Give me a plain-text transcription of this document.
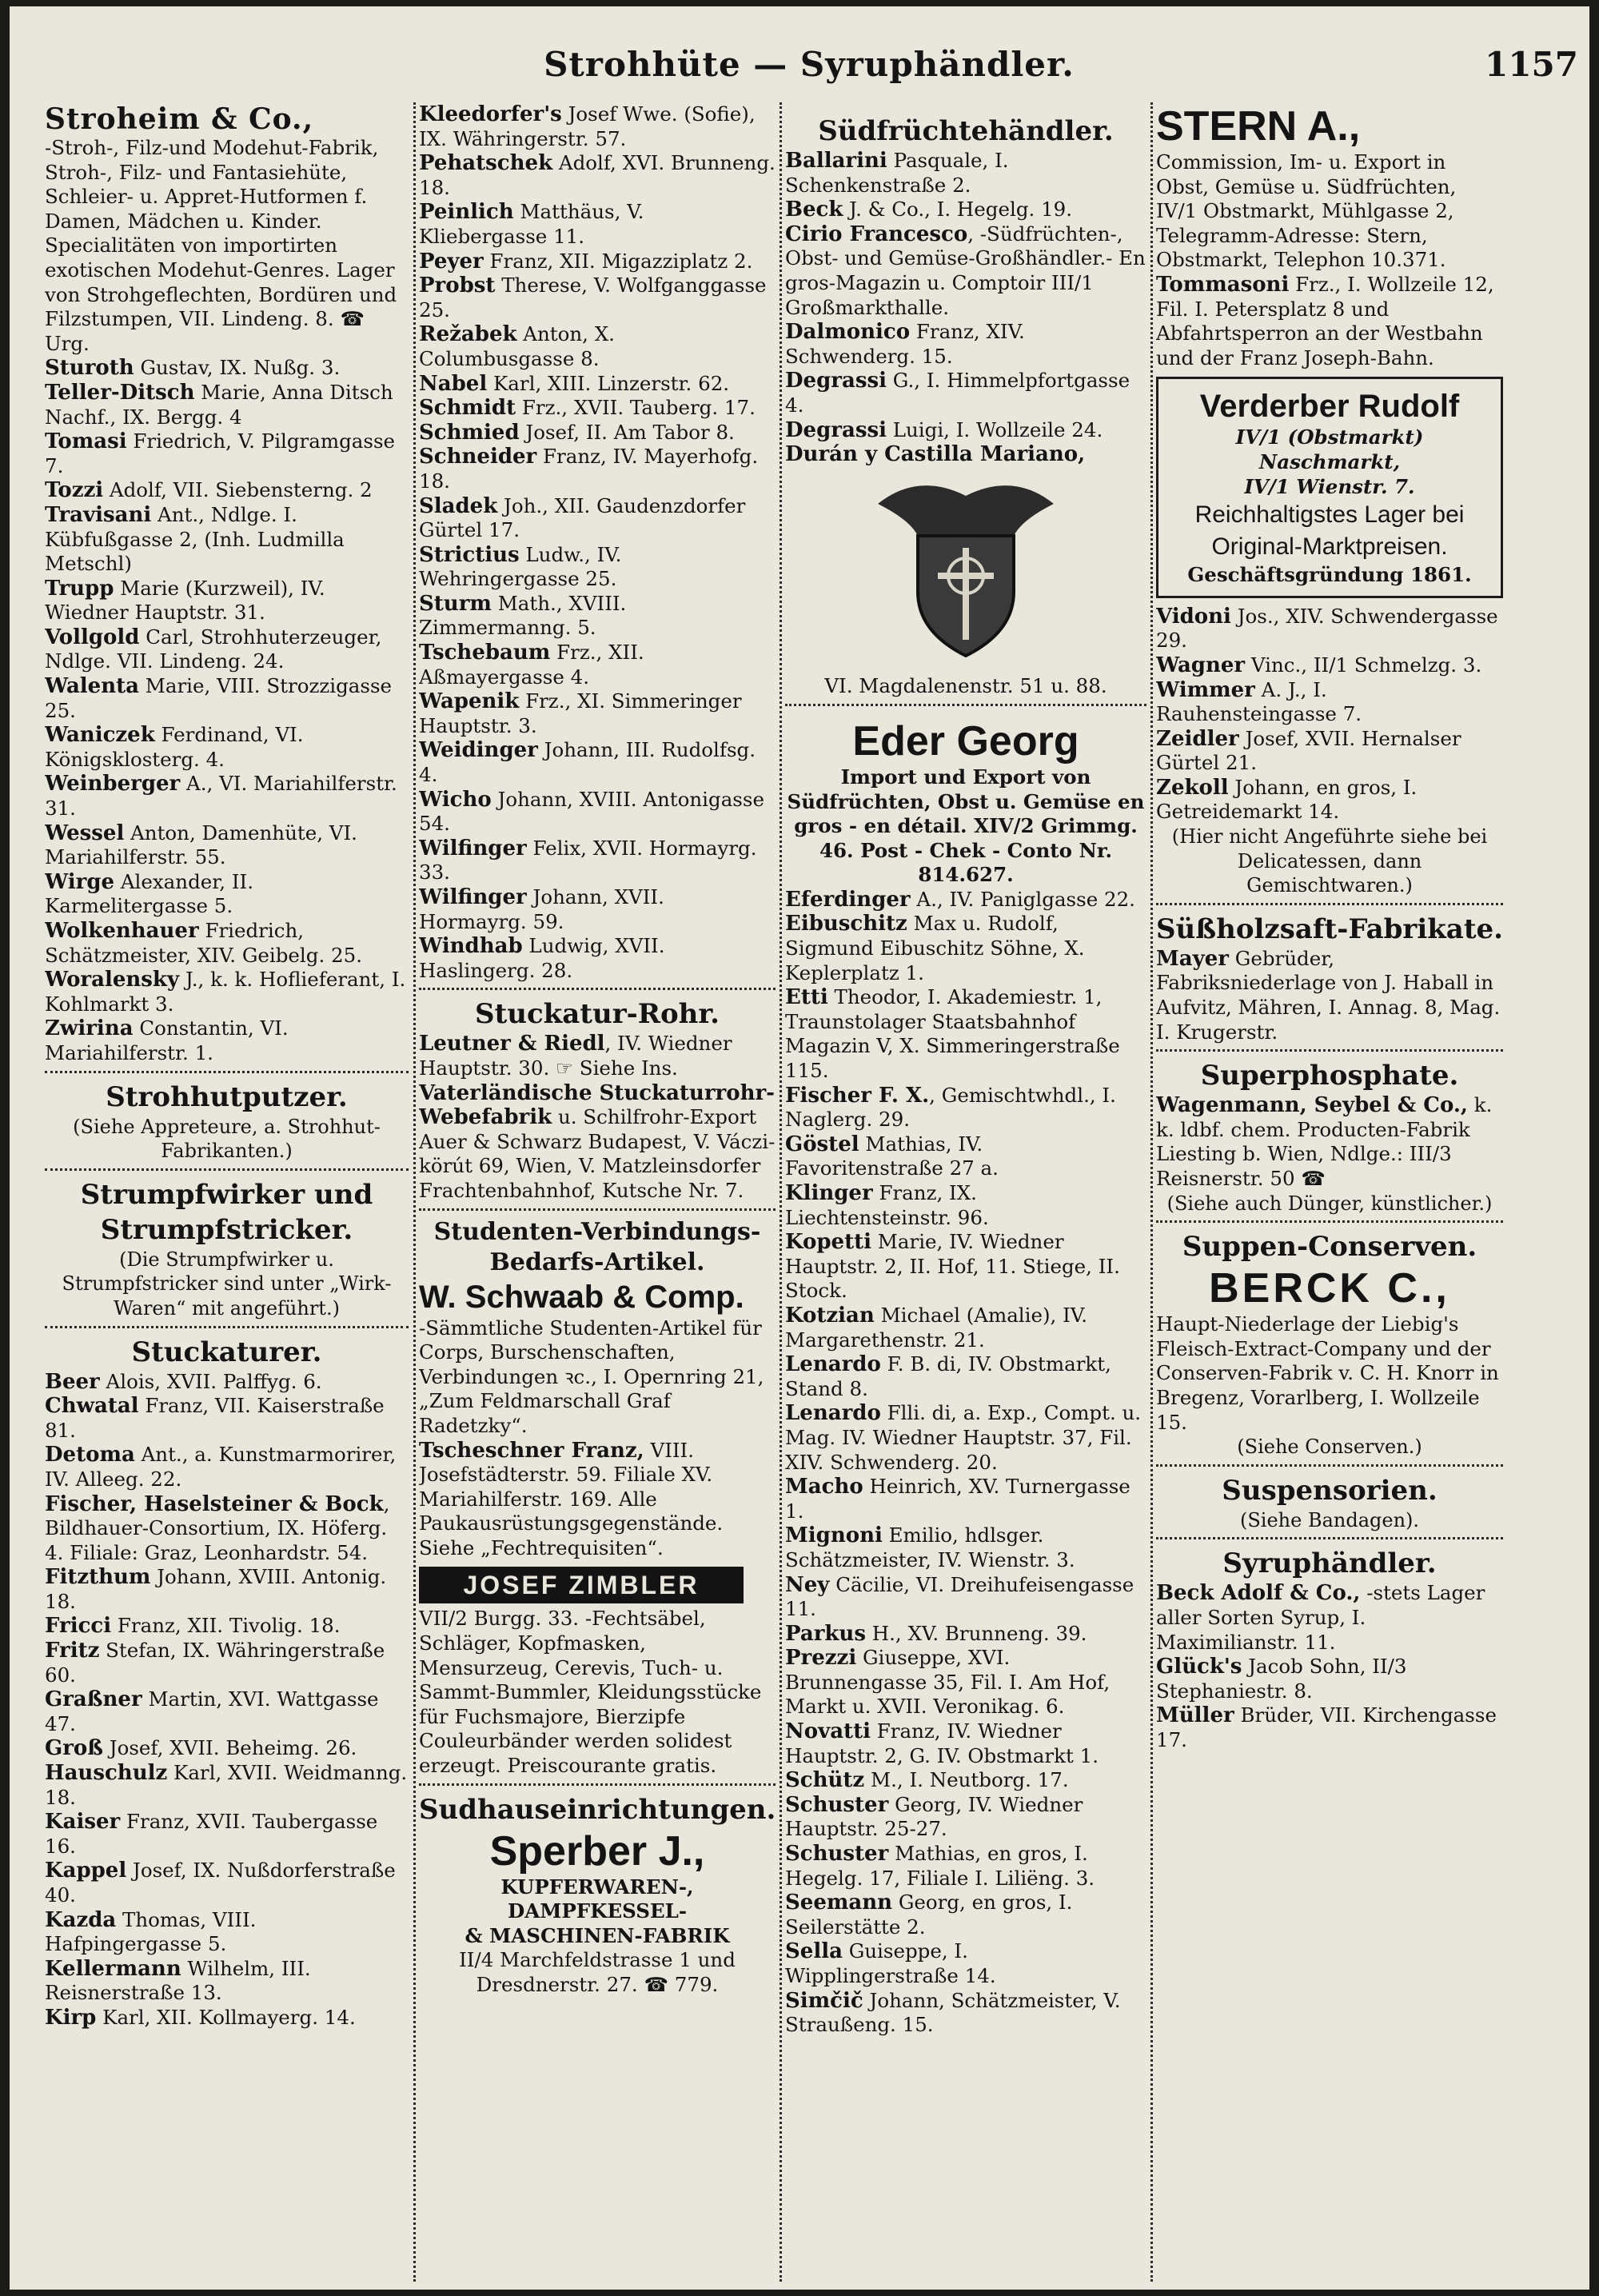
Strohhüte — Syruphändler.	1157
Stroheim & Co.,
-Stroh-, Filz-und Modehut-Fabrik, Stroh-, Filz- und Fantasiehüte, Schleier- u. Appret-Hutformen f. Damen, Mädchen u. Kinder. Specialitäten von importirten exotischen Modehut-Genres. Lager von Strohgeflechten, Bordüren und Filzstumpen, VII. Lindeng. 8. ☎ Urg.
Sturoth Gustav, IX. Nußg. 3.
Teller-Ditsch Marie, Anna Ditsch Nachf., IX. Bergg. 4
Tomasi Friedrich, V. Pilgramgasse 7.
Tozzi Adolf, VII. Siebensterng. 2
Travisani Ant., Ndlge. I. Kübfußgasse 2, (Inh. Ludmilla Metschl)
Trupp Marie (Kurzweil), IV. Wiedner Hauptstr. 31.
Vollgold Carl, Strohhuterzeuger, Ndlge. VII. Lindeng. 24.
Walenta Marie, VIII. Strozzigasse 25.
Waniczek Ferdinand, VI. Königsklosterg. 4.
Weinberger A., VI. Mariahilferstr. 31.
Wessel Anton, Damenhüte, VI. Mariahilferstr. 55.
Wirge Alexander, II. Karmelitergasse 5.
Wolkenhauer Friedrich, Schätzmeister, XIV. Geibelg. 25.
Woralensky J., k. k. Hoflieferant, I. Kohlmarkt 3.
Zwirina Constantin, VI. Mariahilferstr. 1.
Strohhutputzer.
(Siehe Appreteure, a. Strohhut-Fabrikanten.)
Strumpfwirker und Strumpfstricker.
(Die Strumpfwirker u. Strumpfstricker sind unter „Wirk-Waren“ mit angeführt.)
Stuckaturer.
Beer Alois, XVII. Palffyg. 6.
Chwatal Franz, VII. Kaiserstraße 81.
Detoma Ant., a. Kunstmarmorirer, IV. Alleeg. 22.
Fischer, Haselsteiner & Bock, Bildhauer-Consortium, IX. Höferg. 4. Filiale: Graz, Leonhardstr. 54.
Fitzthum Johann, XVIII. Antonig. 18.
Fricci Franz, XII. Tivolig. 18.
Fritz Stefan, IX. Währingerstraße 60.
Graßner Martin, XVI. Wattgasse 47.
Groß Josef, XVII. Beheimg. 26.
Hauschulz Karl, XVII. Weidmanng. 18.
Kaiser Franz, XVII. Taubergasse 16.
Kappel Josef, IX. Nußdorferstraße 40.
Kazda Thomas, VIII. Hafpingergasse 5.
Kellermann Wilhelm, III. Reisnerstraße 13.
Kirp Karl, XII. Kollmayerg. 14.
Kleedorfer's Josef Wwe. (Sofie), IX. Währingerstr. 57.
Pehatschek Adolf, XVI. Brunneng. 18.
Peinlich Matthäus, V. Kliebergasse 11.
Peyer Franz, XII. Migazziplatz 2.
Probst Therese, V. Wolfganggasse 25.
Režabek Anton, X. Columbusgasse 8.
Nabel Karl, XIII. Linzerstr. 62.
Schmidt Frz., XVII. Tauberg. 17.
Schmied Josef, II. Am Tabor 8.
Schneider Franz, IV. Mayerhofg. 18.
Sladek Joh., XII. Gaudenzdorfer Gürtel 17.
Strictius Ludw., IV. Wehringergasse 25.
Sturm Math., XVIII. Zimmermanng. 5.
Tschebaum Frz., XII. Aßmayergasse 4.
Wapenik Frz., XI. Simmeringer Hauptstr. 3.
Weidinger Johann, III. Rudolfsg. 4.
Wicho Johann, XVIII. Antonigasse 54.
Wilfinger Felix, XVII. Hormayrg. 33.
Wilfinger Johann, XVII. Hormayrg. 59.
Windhab Ludwig, XVII. Haslingerg. 28.
Stuckatur-Rohr.
Leutner & Riedl, IV. Wiedner Hauptstr. 30. ☞ Siehe Ins.
Vaterländische Stuckaturrohr-Webefabrik u. Schilfrohr-Export Auer & Schwarz Budapest, V. Váczi-körút 69, Wien, V. Matzleinsdorfer Frachtenbahnhof, Kutsche Nr. 7.
Studenten-Verbindungs-Bedarfs-Artikel.
W. Schwaab & Comp.
-Sämmtliche Studenten-Artikel für Corps, Burschenschaften, Verbindungen ꝛc., I. Opernring 21, „Zum Feldmarschall Graf Radetzky“.
Tscheschner Franz, VIII. Josefstädterstr. 59. Filiale XV. Mariahilferstr. 169. Alle Paukausrüstungsgegenstände. Siehe „Fechtrequisiten“.
JOSEF ZIMBLER
VII/2 Burgg. 33. -Fechtsäbel, Schläger, Kopfmasken, Mensurzeug, Cerevis, Tuch- u. Sammt-Bummler, Kleidungsstücke für Fuchsmajore, Bierzipfe Couleurbänder werden solidest erzeugt. Preiscourante gratis.
Sudhauseinrichtungen.
Sperber J.,
KUPFERWAREN-, DAMPFKESSEL-
& MASCHINEN-FABRIK
II/4 Marchfeldstrasse 1 und Dresdnerstr. 27. ☎ 779.
Südfrüchtehändler.
Ballarini Pasquale, I. Schenkenstraße 2.
Beck J. & Co., I. Hegelg. 19.
Cirio Francesco, -Südfrüchten-, Obst- und Gemüse-Großhändler.- En gros-Magazin u. Comptoir III/1 Großmarkthalle.
Dalmonico Franz, XIV. Schwenderg. 15.
Degrassi G., I. Himmelpfortgasse 4.
Degrassi Luigi, I. Wollzeile 24.
Durán y Castilla Mariano,
VI. Magdalenenstr. 51 u. 88.
Eder Georg
Import und Export von Südfrüchten, Obst u. Gemüse en gros - en détail. XIV/2 Grimmg. 46. Post - Chek - Conto Nr. 814.627.
Eferdinger A., IV. Paniglgasse 22.
Eibuschitz Max u. Rudolf, Sigmund Eibuschitz Söhne, X. Keplerplatz 1.
Etti Theodor, I. Akademiestr. 1, Traunstolager Staatsbahnhof Magazin V, X. Simmeringerstraße 115.
Fischer F. X., Gemischtwhdl., I. Naglerg. 29.
Göstel Mathias, IV. Favoritenstraße 27 a.
Klinger Franz, IX. Liechtensteinstr. 96.
Kopetti Marie, IV. Wiedner Hauptstr. 2, II. Hof, 11. Stiege, II. Stock.
Kotzian Michael (Amalie), IV. Margarethenstr. 21.
Lenardo F. B. di, IV. Obstmarkt, Stand 8.
Lenardo Flli. di, a. Exp., Compt. u. Mag. IV. Wiedner Hauptstr. 37, Fil. XIV. Schwenderg. 20.
Macho Heinrich, XV. Turnergasse 1.
Mignoni Emilio, hdlsger. Schätzmeister, IV. Wienstr. 3.
Ney Cäcilie, VI. Dreihufeisengasse 11.
Parkus H., XV. Brunneng. 39.
Prezzi Giuseppe, XVI. Brunnengasse 35, Fil. I. Am Hof, Markt u. XVII. Veronikag. 6.
Novatti Franz, IV. Wiedner Hauptstr. 2, G. IV. Obstmarkt 1.
Schütz M., I. Neutborg. 17.
Schuster Georg, IV. Wiedner Hauptstr. 25-27.
Schuster Mathias, en gros, I. Hegelg. 17, Filiale I. Liliëng. 3.
Seemann Georg, en gros, I. Seilerstätte 2.
Sella Guiseppe, I. Wipplingerstraße 14.
Simčič Johann, Schätzmeister, V. Straußeng. 15.
STERN A.,
Commission, Im- u. Export in Obst, Gemüse u. Südfrüchten, IV/1 Obstmarkt, Mühlgasse 2, Telegramm-Adresse: Stern, Obstmarkt, Telephon 10.371.
Tommasoni Frz., I. Wollzeile 12, Fil. I. Petersplatz 8 und Abfahrtsperron an der Westbahn und der Franz Joseph-Bahn.
Verderber Rudolf
IV/1 (Obstmarkt) Naschmarkt,
IV/1 Wienstr. 7.
Reichhaltigstes Lager bei
Original-Marktpreisen.
Geschäftsgründung 1861.
Vidoni Jos., XIV. Schwendergasse 29.
Wagner Vinc., II/1 Schmelzg. 3.
Wimmer A. J., I. Rauhensteingasse 7.
Zeidler Josef, XVII. Hernalser Gürtel 21.
Zekoll Johann, en gros, I. Getreidemarkt 14.
(Hier nicht Angeführte siehe bei Delicatessen, dann Gemischtwaren.)
Süßholzsaft-Fabrikate.
Mayer Gebrüder, Fabriksniederlage von J. Haball in Aufvitz, Mähren, I. Annag. 8, Mag. I. Krugerstr.
Superphosphate.
Wagenmann, Seybel & Co., k. k. ldbf. chem. Producten-Fabrik Liesting b. Wien, Ndlge.: III/3 Reisnerstr. 50 ☎
(Siehe auch Dünger, künstlicher.)
Suppen-Conserven.
BERCK C.,
Haupt-Niederlage der Liebig's Fleisch-Extract-Company und der Conserven-Fabrik v. C. H. Knorr in Bregenz, Vorarlberg, I. Wollzeile 15.
(Siehe Conserven.)
Suspensorien.
(Siehe Bandagen).
Syruphändler.
Beck Adolf & Co., -stets Lager aller Sorten Syrup, I. Maximilianstr. 11.
Glück's Jacob Sohn, II/3 Stephaniestr. 8.
Müller Brüder, VII. Kirchengasse 17.
